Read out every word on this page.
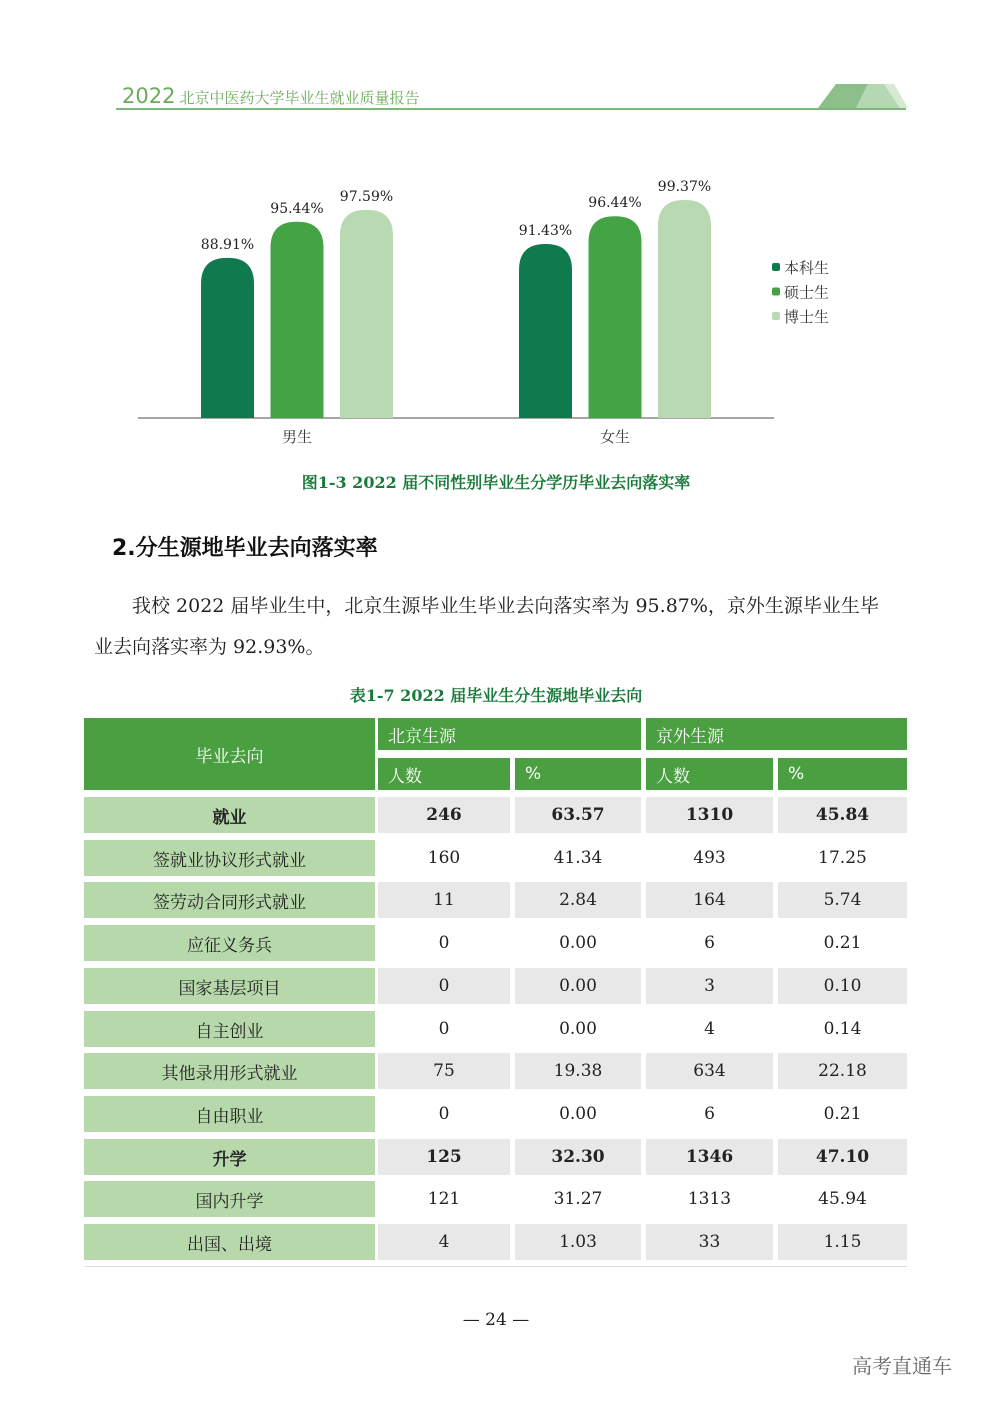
2022 北京中医药大学毕业生就业质量报告
88.91%
95.44%
97.59%
男生
91.43%
96.44%
99.37%
女生
本科生
硕士生
博士生
图1-3 2022 届不同性别毕业生分学历毕业去向落实率
2.分生源地毕业去向落实率
我校 2022 届毕业生中，北京生源毕业生毕业去向落实率为 95.87%，京外生源毕业生毕
业去向落实率为 92.93%。
表1-7 2022 届毕业生分生源地毕业去向
毕业去向
北京生源	京外生源
人数	%	人数	%
就业	246	63.57	1310	45.84
签就业协议形式就业	160	41.34	493	17.25
签劳动合同形式就业	11	2.84	164	5.74
应征义务兵	0	0.00	6	0.21
国家基层项目	0	0.00	3	0.10
自主创业	0	0.00	4	0.14
其他录用形式就业	75	19.38	634	22.18
自由职业	0	0.00	6	0.21
升学	125	32.30	1346	47.10
国内升学	121	31.27	1313	45.94
出国、出境	4	1.03	33	1.15
— 24 —
高考直通车
